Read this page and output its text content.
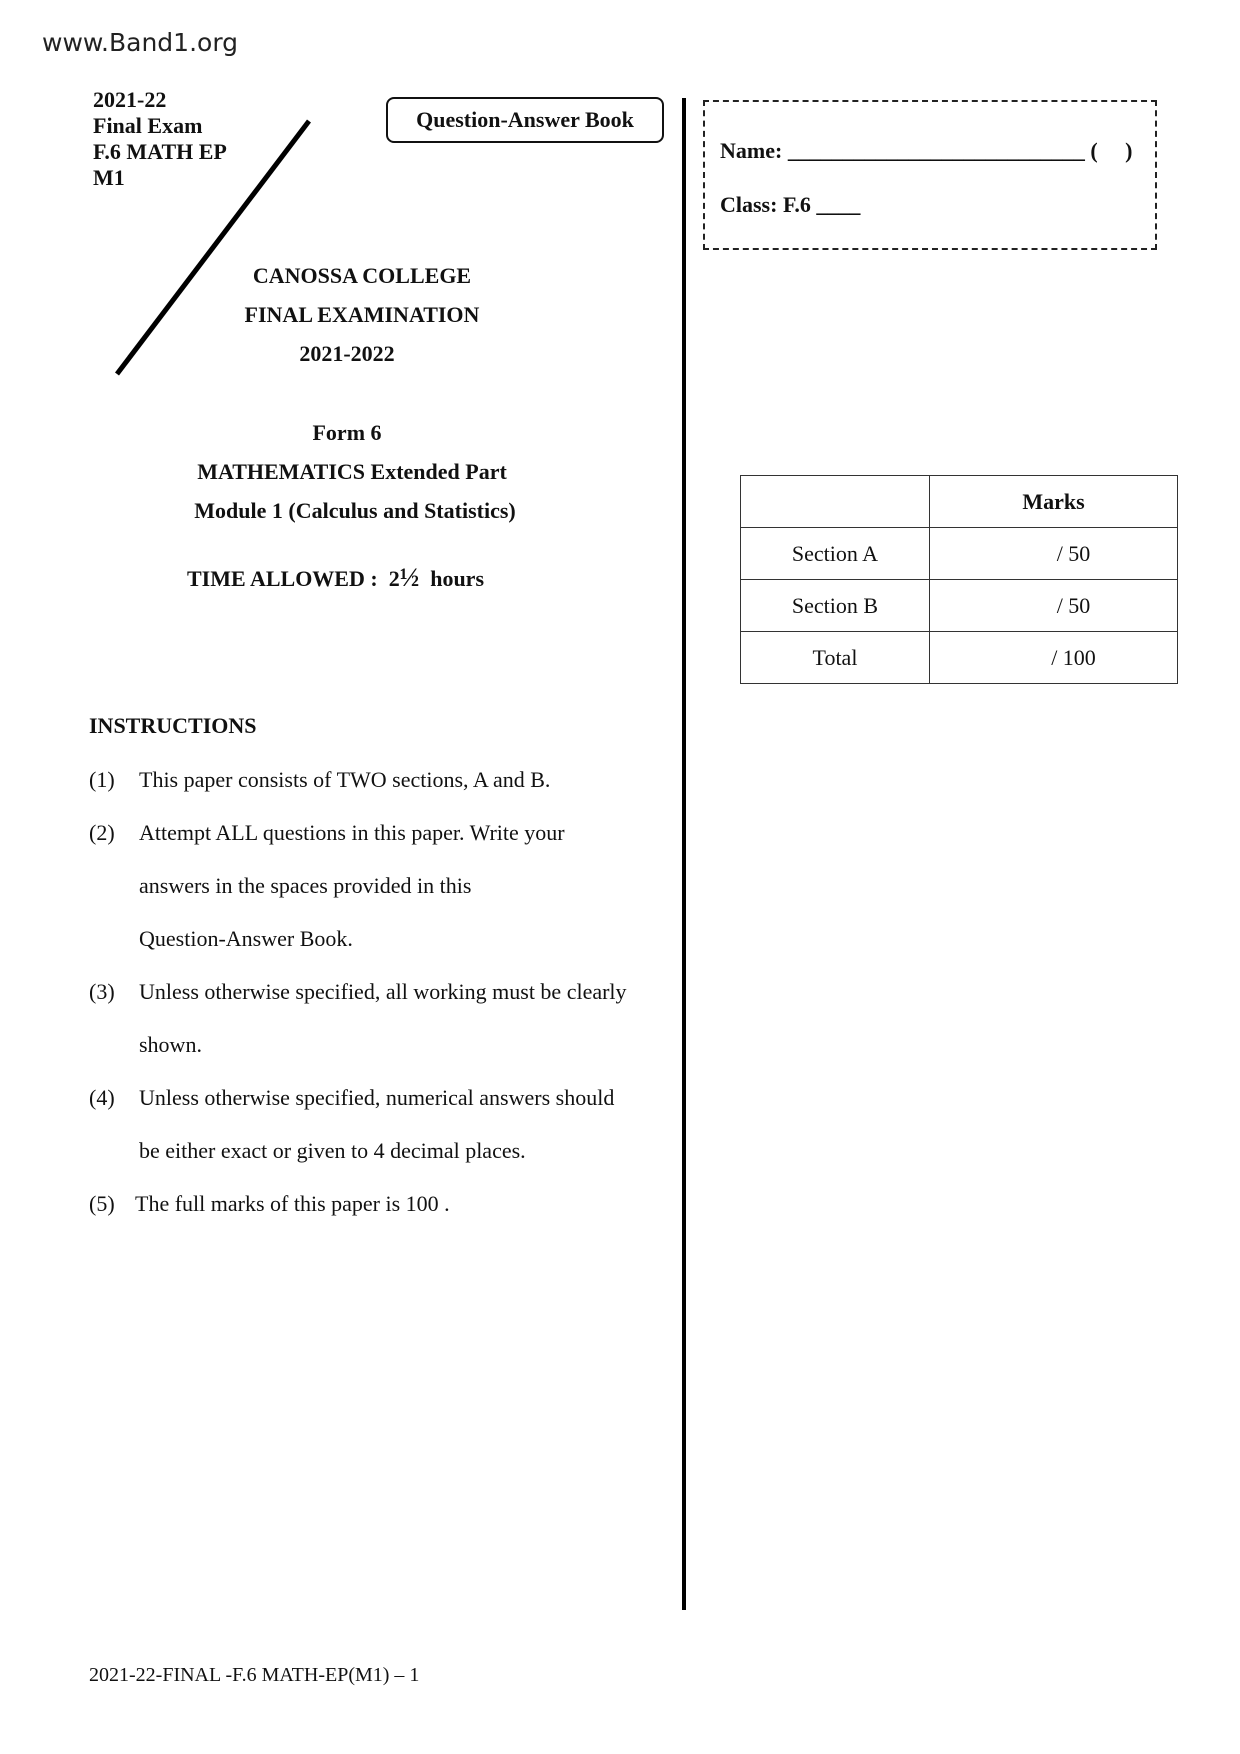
www.Band1.org
2021-22
Final Exam
F.6 MATH EP
M1
Question-Answer Book
Name: ___________________________ (     )
Class: F.6 ____
CANOSSA COLLEGE
FINAL EXAMINATION
2021-2022
Form 6
MATHEMATICS Extended Part
Module 1 (Calculus and Statistics)
TIME ALLOWED : 2½ hours
	Marks
Section A	/ 50
Section B	/ 50
Total	/ 100
INSTRUCTIONS
2021-22-FINAL -F.6 MATH-EP(M1) – 1
(1) This paper consists of TWO sections, A and B.
(2) Attempt ALL questions in this paper. Write your
answers in the spaces provided in this
Question-Answer Book.
(3) Unless otherwise specified, all working must be clearly
shown.
(4) Unless otherwise specified, numerical answers should
be either exact or given to 4 decimal places.
(5) The full marks of this paper is 100 .
